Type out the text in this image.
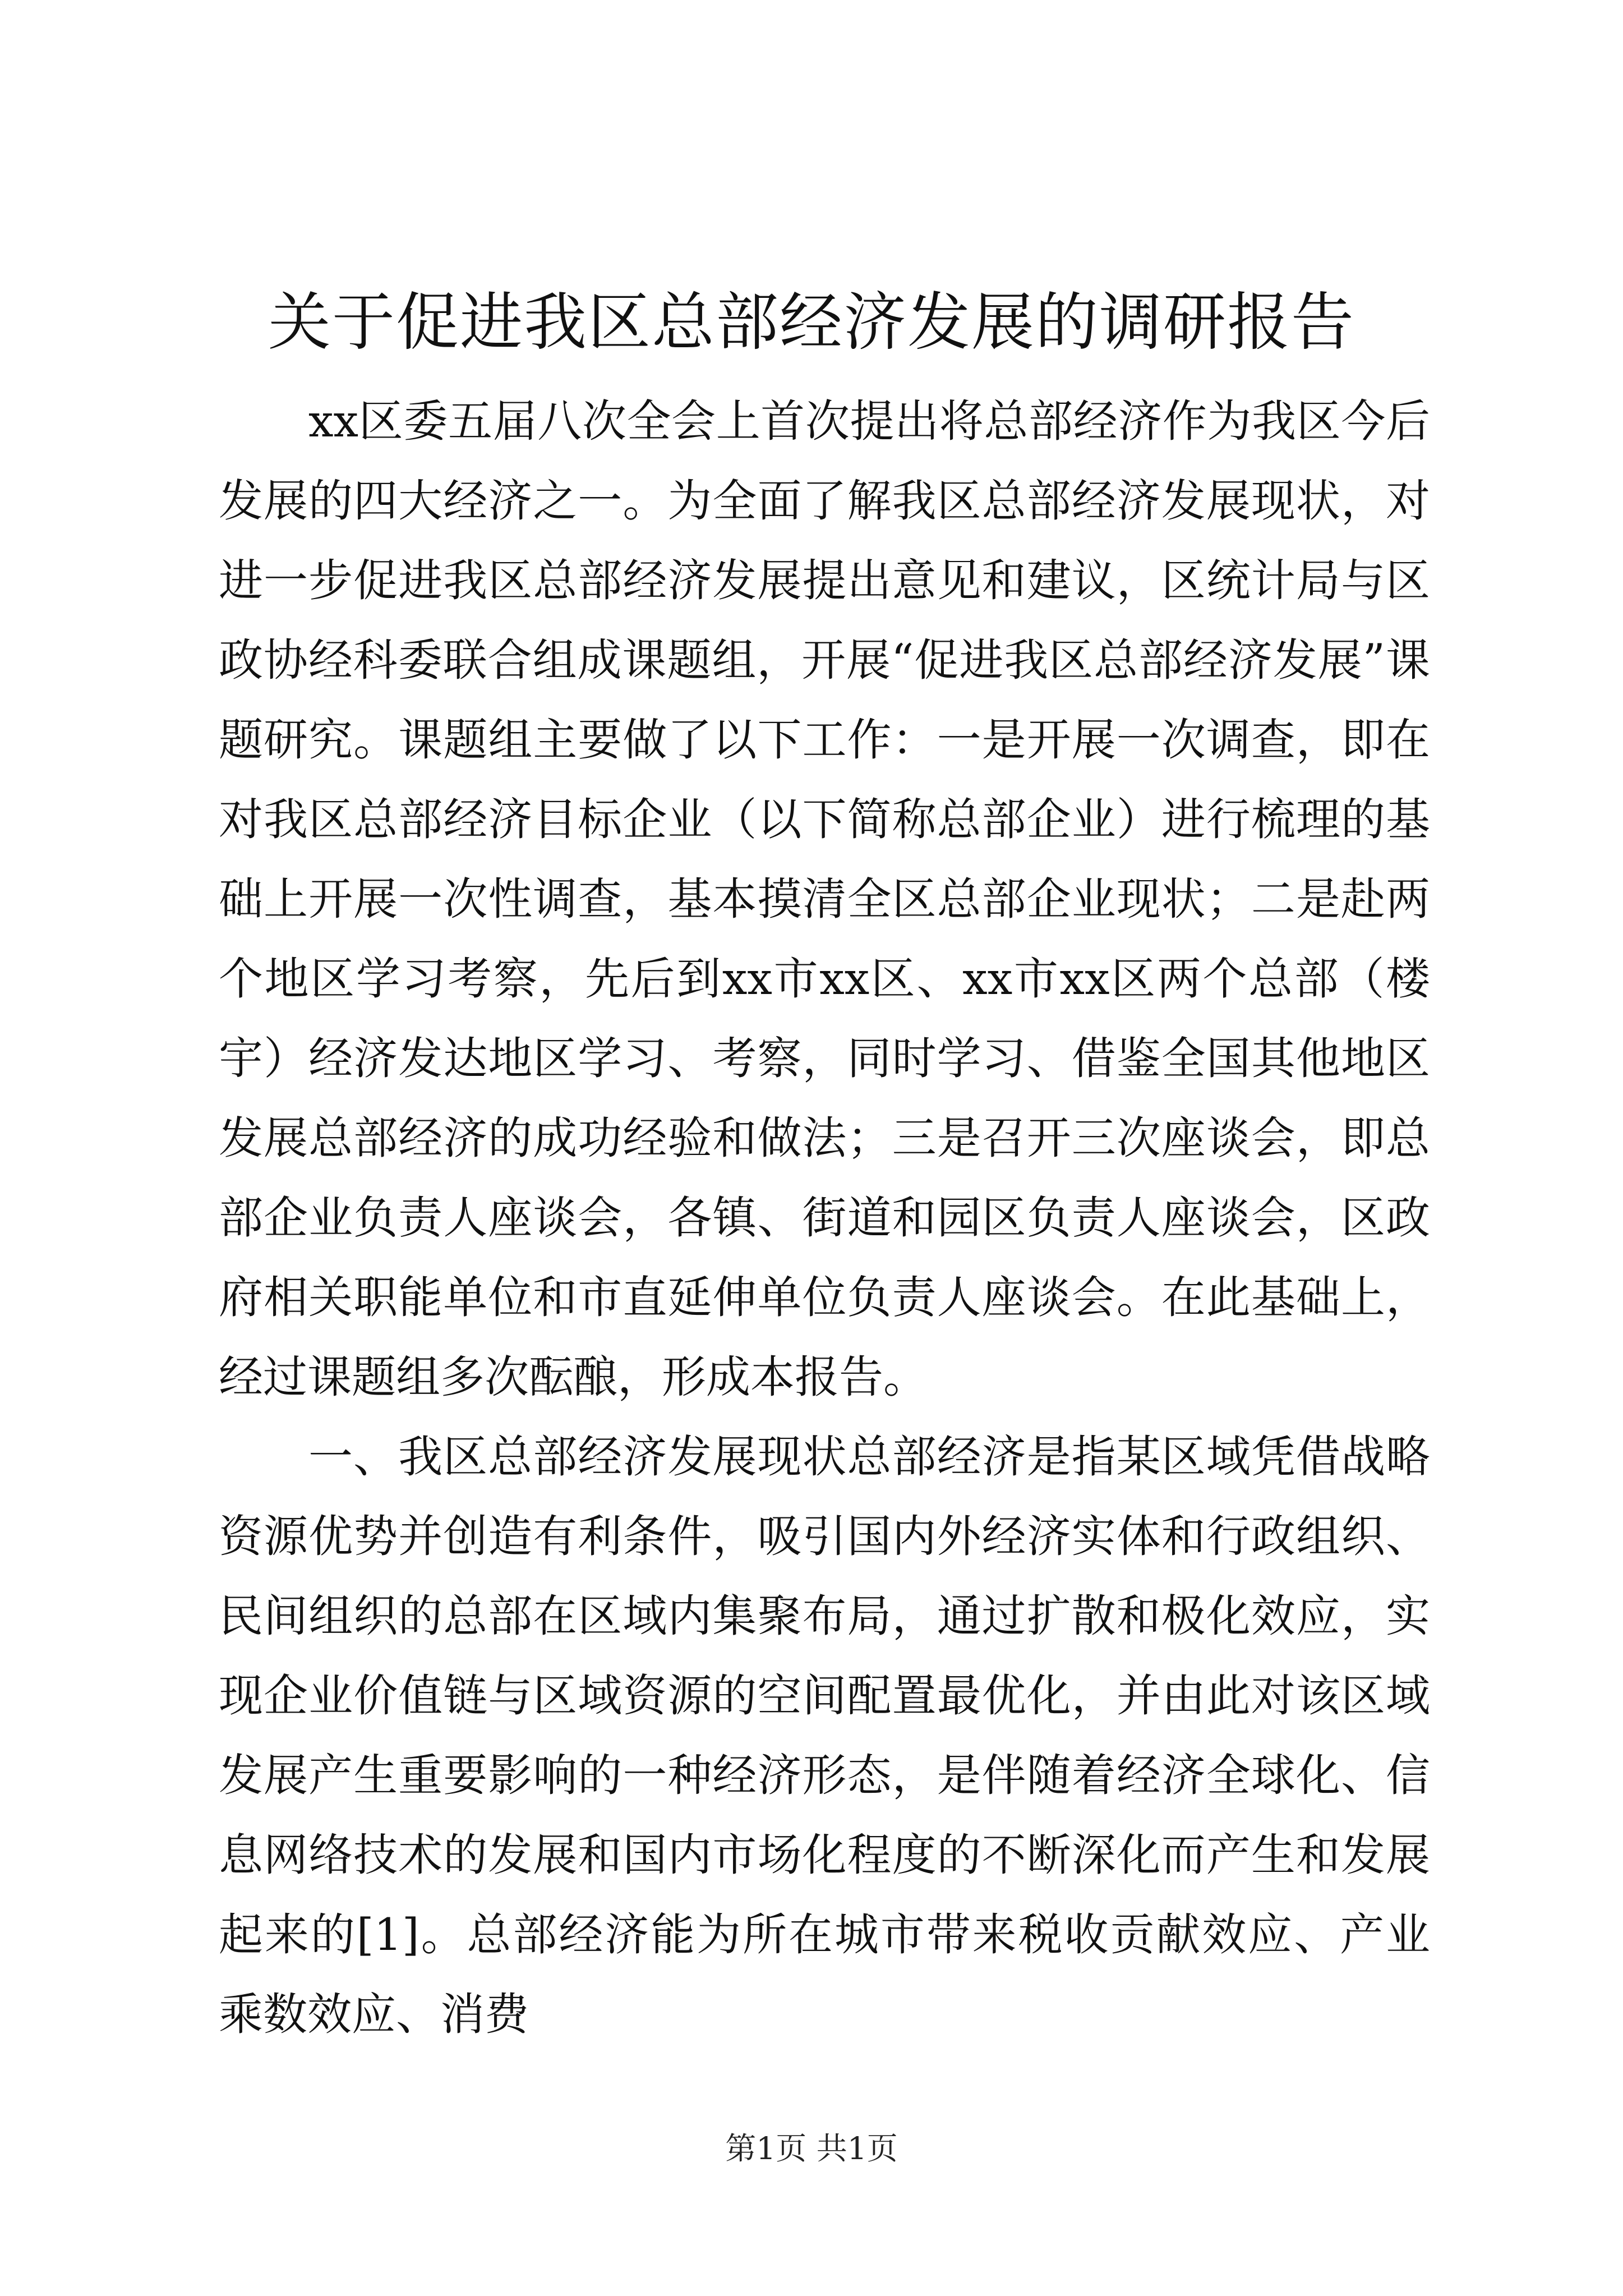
关于促进我区总部经济发展的调研报告

xx区委五届八次全会上首次提出将总部经济作为我区今后发展的四大经济之一。为全面了解我区总部经济发展现状，对进一步促进我区总部经济发展提出意见和建议，区统计局与区政协经科委联合组成课题组，开展“促进我区总部经济发展”课题研究。课题组主要做了以下工作：一是开展一次调查，即在对我区总部经济目标企业（以下简称总部企业）进行梳理的基础上开展一次性调查，基本摸清全区总部企业现状；二是赴两个地区学习考察，先后到xx市xx区、xx市xx区两个总部（楼宇）经济发达地区学习、考察，同时学习、借鉴全国其他地区发展总部经济的成功经验和做法；三是召开三次座谈会，即总部企业负责人座谈会，各镇、街道和园区负责人座谈会，区政府相关职能单位和市直延伸单位负责人座谈会。在此基础上，经过课题组多次酝酿，形成本报告。

一、我区总部经济发展现状总部经济是指某区域凭借战略资源优势并创造有利条件，吸引国内外经济实体和行政组织、民间组织的总部在区域内集聚布局，通过扩散和极化效应，实现企业价值链与区域资源的空间配置最优化，并由此对该区域发展产生重要影响的一种经济形态，是伴随着经济全球化、信息网络技术的发展和国内市场化程度的不断深化而产生和发展起来的[1]。总部经济能为所在城市带来税收贡献效应、产业乘数效应、消费

第1页 共1页
